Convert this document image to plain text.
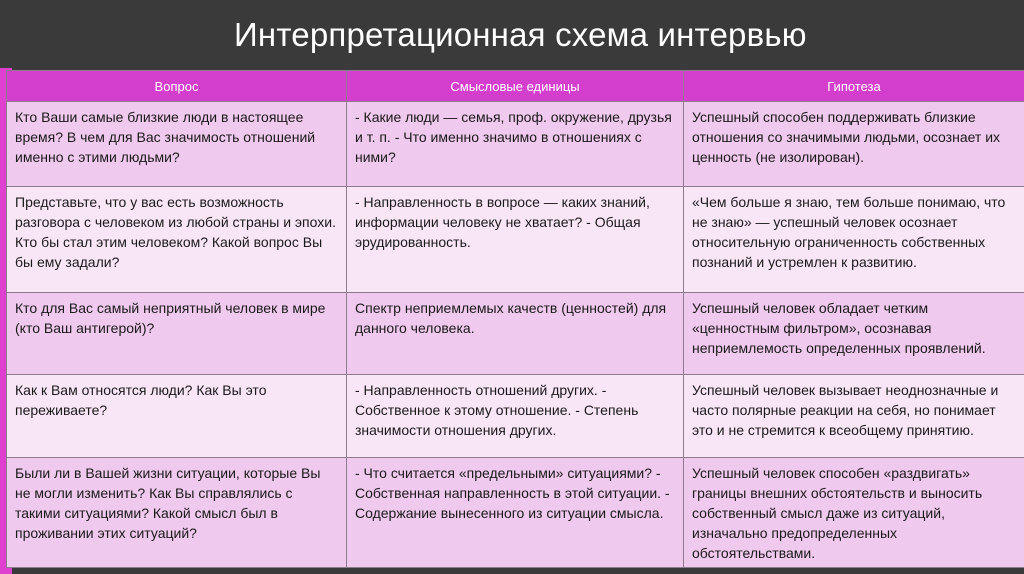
Интерпретационная схема интервью
Вопрос	Смысловые единицы	Гипотеза
Кто Ваши самые близкие люди в настоящее время? В чем для Вас значимость отношений именно с этими людьми?	- Какие люди — семья, проф. окружение, друзья и т. п. - Что именно значимо в отношениях с ними?	Успешный способен поддерживать близкие отношения со значимыми людьми, осознает их ценность (не изолирован).
Представьте, что у вас есть возможность разговора с человеком из любой страны и эпохи. Кто бы стал этим человеком? Какой вопрос Вы бы ему задали?	- Направленность в вопросе — каких знаний, информации человеку не хватает? - Общая эрудированность.	«Чем больше я знаю, тем больше понимаю, что не знаю» — успешный человек осознает относительную ограниченность собственных познаний и устремлен к развитию.
Кто для Вас самый неприятный человек в мире (кто Ваш антигерой)?	Спектр неприемлемых качеств (ценностей) для данного человека.	Успешный человек обладает четким «ценностным фильтром», осознавая неприемлемость определенных проявлений.
Как к Вам относятся люди? Как Вы это переживаете?	- Направленность отношений других. - Собственное к этому отношение. - Степень значимости отношения других.	Успешный человек вызывает неоднозначные и часто полярные реакции на себя, но понимает это и не стремится к всеобщему принятию.
Были ли в Вашей жизни ситуации, которые Вы не могли изменить? Как Вы справлялись с такими ситуациями? Какой смысл был в проживании этих ситуаций?	- Что считается «предельными» ситуациями? - Собственная направленность в этой ситуации. - Содержание вынесенного из ситуации смысла.	Успешный человек способен «раздвигать» границы внешних обстоятельств и выносить собственный смысл даже из ситуаций, изначально предопределенных обстоятельствами.
